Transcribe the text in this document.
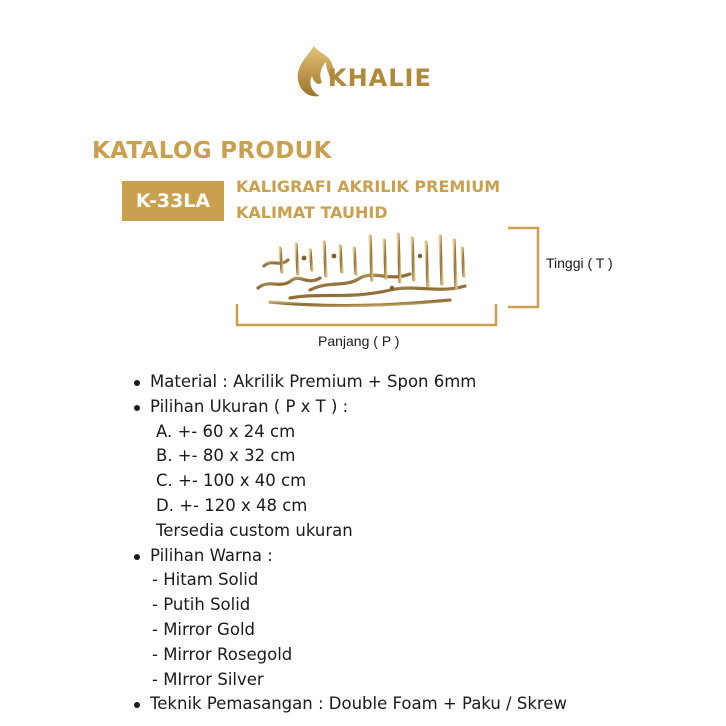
KHALIE
KATALOG PRODUK
K-33LA
KALIGRAFI AKRILIK PREMIUM
KALIMAT TAUHID
Tinggi ( T )
Panjang ( P )
Material : Akrilik Premium + Spon 6mm
Pilihan Ukuran ( P x T ) :
A. +- 60 x 24 cm
B. +- 80 x 32 cm
C. +- 100 x 40 cm
D. +- 120 x 48 cm
Tersedia custom ukuran
Pilihan Warna :
- Hitam Solid
- Putih Solid
- Mirror Gold
- Mirror Rosegold
- MIrror Silver
Teknik Pemasangan : Double Foam + Paku / Skrew
